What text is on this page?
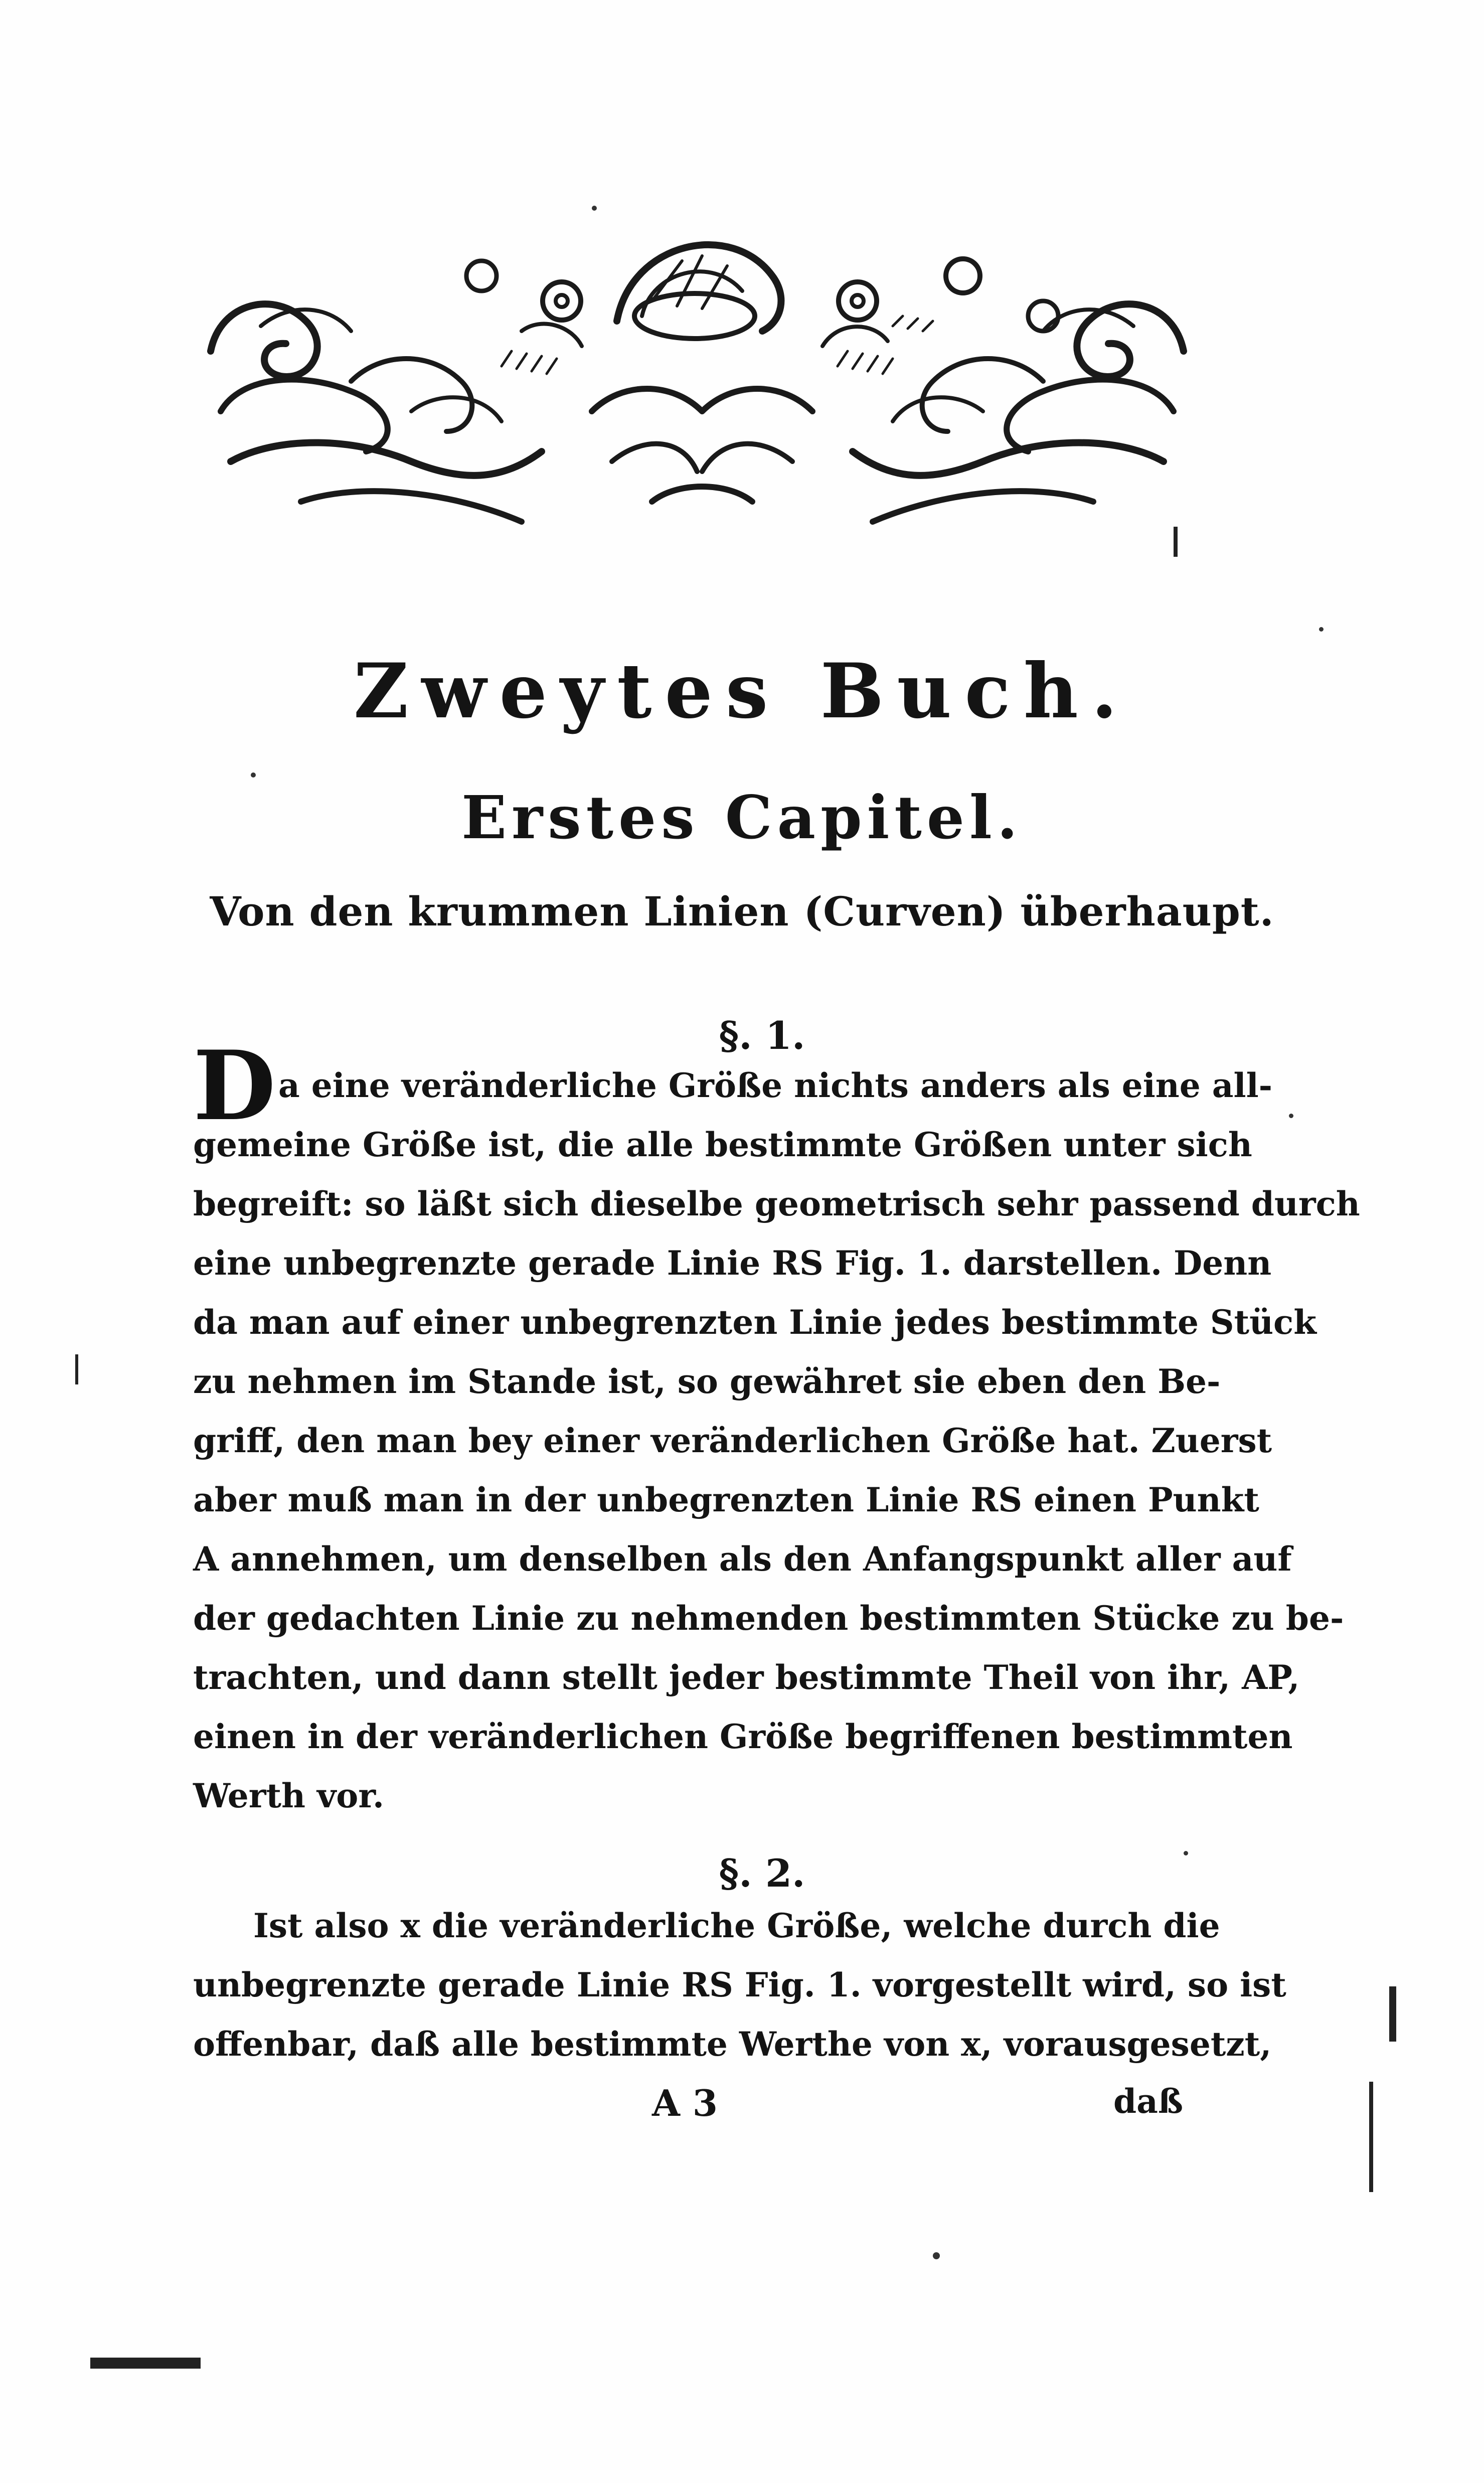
Zweytes Buch.
Erstes Capitel.
Von den krummen Linien (Curven) überhaupt.
§. 1.
D a eine veränderliche Größe nichts anders als eine all-
gemeine Größe ist, die alle bestimmte Größen unter sich
begreift: so läßt sich dieselbe geometrisch sehr passend durch
eine unbegrenzte gerade Linie RS Fig. 1. darstellen. Denn
da man auf einer unbegrenzten Linie jedes bestimmte Stück
zu nehmen im Stande ist, so gewähret sie eben den Be-
griff, den man bey einer veränderlichen Größe hat. Zuerst
aber muß man in der unbegrenzten Linie RS einen Punkt
A annehmen, um denselben als den Anfangspunkt aller auf
der gedachten Linie zu nehmenden bestimmten Stücke zu be-
trachten, und dann stellt jeder bestimmte Theil von ihr, AP,
einen in der veränderlichen Größe begriffenen bestimmten
Werth vor.
§. 2.
Ist also x die veränderliche Größe, welche durch die
unbegrenzte gerade Linie RS Fig. 1. vorgestellt wird, so ist
offenbar, daß alle bestimmte Werthe von x, vorausgesetzt,
A 3	daß
